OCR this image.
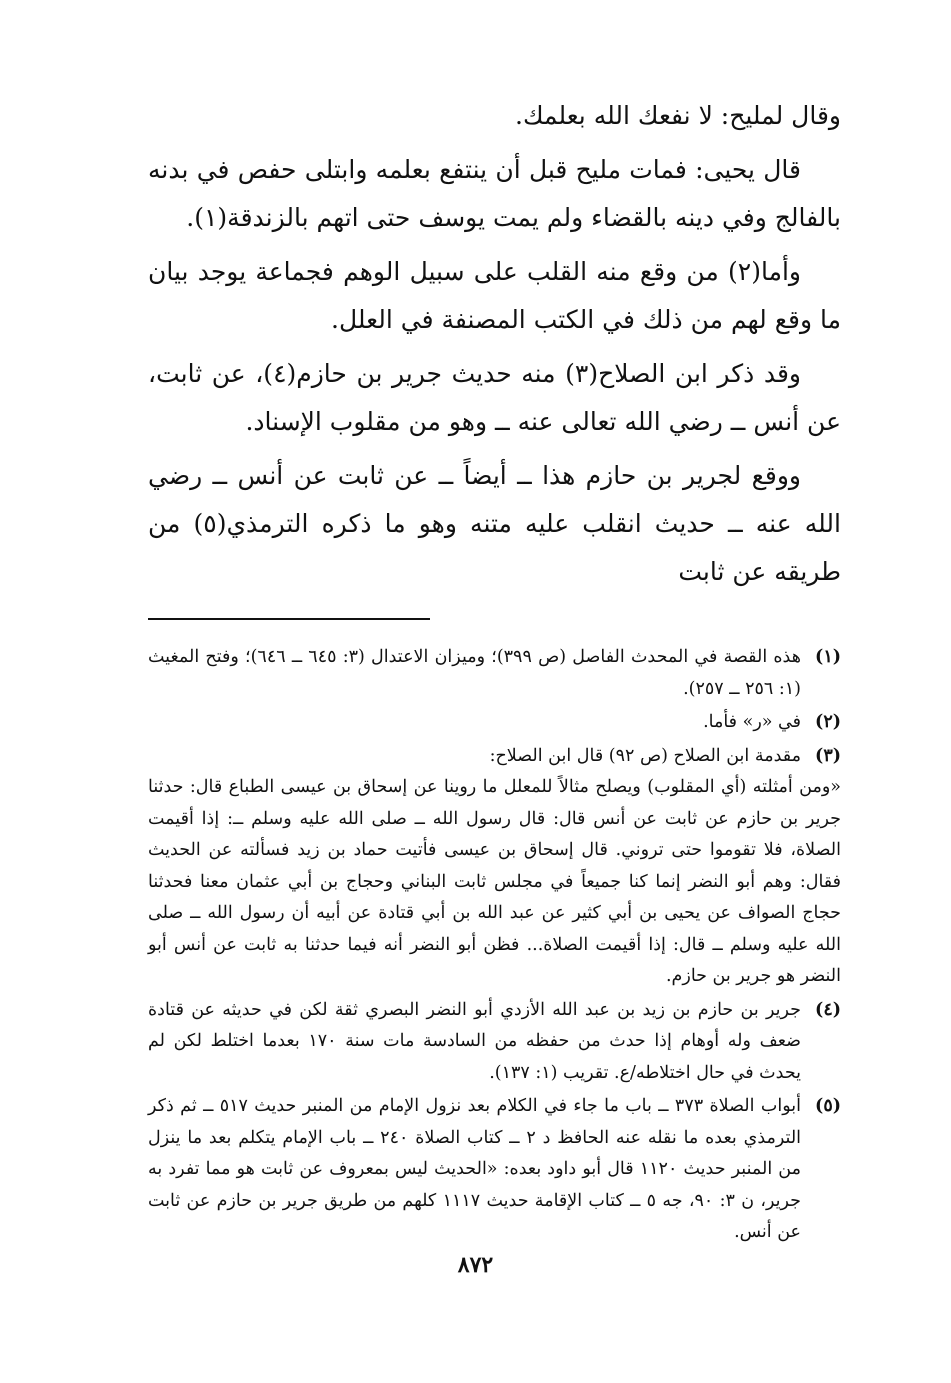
وقال لمليح: لا نفعك الله بعلمك.

قال يحيى: فمات مليح قبل أن ينتفع بعلمه وابتلى حفص في بدنه بالفالج وفي دينه بالقضاء ولم يمت يوسف حتى اتهم بالزندقة(١).

وأما(٢) من وقع منه القلب على سبيل الوهم فجماعة يوجد بيان ما وقع لهم من ذلك في الكتب المصنفة في العلل.

وقد ذكر ابن الصلاح(٣) منه حديث جرير بن حازم(٤)، عن ثابت، عن أنس ــ رضي الله تعالى عنه ــ وهو من مقلوب الإسناد.

ووقع لجرير بن حازم هذا ــ أيضاً ــ عن ثابت عن أنس ــ رضي الله عنه ــ حديث انقلب عليه متنه وهو ما ذكره الترمذي(٥) من طريقه عن ثابت

(١)
هذه القصة في المحدث الفاصل (ص ٣٩٩)؛ وميزان الاعتدال (٣: ٦٤٥ ــ ٦٤٦)؛ وفتح المغيث (١: ٢٥٦ ــ ٢٥٧).
(٢)
في «ر» فأما.
(٣)
مقدمة ابن الصلاح (ص ٩٢) قال ابن الصلاح:
«ومن أمثلته (أي المقلوب) ويصلح مثالاً للمعلل ما روينا عن إسحاق بن عيسى الطباع قال: حدثنا جرير بن حازم عن ثابت عن أنس قال: قال رسول الله ــ صلى الله عليه وسلم ــ: إذا أقيمت الصلاة، فلا تقوموا حتى تروني. قال إسحاق بن عيسى فأتيت حماد بن زيد فسألته عن الحديث فقال: وهم أبو النضر إنما كنا جميعاً في مجلس ثابت البناني وحجاج بن أبي عثمان معنا فحدثنا حجاج الصواف عن يحيى بن أبي كثير عن عبد الله بن أبي قتادة عن أبيه أن رسول الله ــ صلى الله عليه وسلم ــ قال: إذا أقيمت الصلاة... فظن أبو النضر أنه فيما حدثنا به ثابت عن أنس أبو النضر هو جرير بن حازم.
(٤)
جرير بن حازم بن زيد بن عبد الله الأزدي أبو النضر البصري ثقة لكن في حديثه عن قتادة ضعف وله أوهام إذا حدث من حفظه من السادسة مات سنة ١٧٠ بعدما اختلط لكن لم يحدث في حال اختلاطه/ع. تقريب (١: ١٣٧).
(٥)
أبواب الصلاة ٣٧٣ ــ باب ما جاء في الكلام بعد نزول الإمام من المنبر حديث ٥١٧ ــ ثم ذكر الترمذي بعده ما نقله عنه الحافظ د ٢ ــ كتاب الصلاة ٢٤٠ ــ باب الإمام يتكلم بعد ما ينزل من المنبر حديث ١١٢٠ قال أبو داود بعده: «الحديث ليس بمعروف عن ثابت هو مما تفرد به جرير، ن ٣: ٩٠، جه ٥ ــ كتاب الإقامة حديث ١١١٧ كلهم من طريق جرير بن حازم عن ثابت عن أنس.
٨٧٢
